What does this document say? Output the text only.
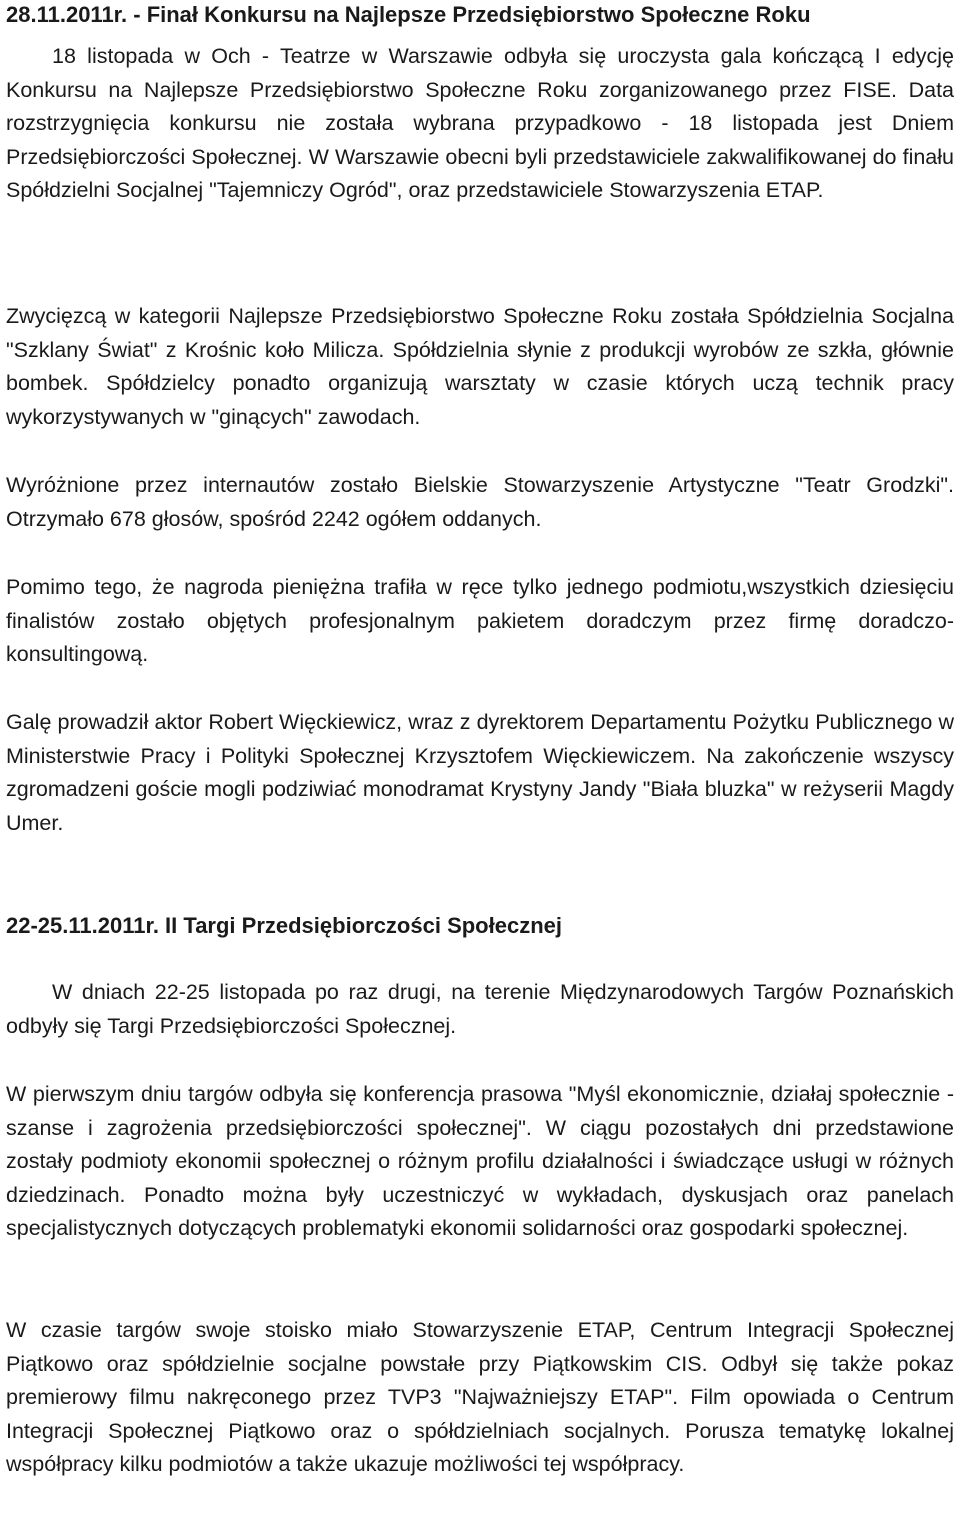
28.11.2011r. - Finał Konkursu na Najlepsze Przedsiębiorstwo Społeczne Roku

18 listopada w Och - Teatrze w Warszawie odbyła się uroczysta gala kończącą I edycję Konkursu na Najlepsze Przedsiębiorstwo Społeczne Roku zorganizowanego przez FISE. Data rozstrzygnięcia konkursu nie została wybrana przypadkowo - 18 listopada jest Dniem Przedsiębiorczości Społecznej. W Warszawie obecni byli przedstawiciele zakwalifikowanej do finału Spółdzielni Socjalnej "Tajemniczy Ogród", oraz przedstawiciele Stowarzyszenia ETAP.

Zwycięzcą w kategorii Najlepsze Przedsiębiorstwo Społeczne Roku została Spółdzielnia Socjalna "Szklany Świat" z Krośnic koło Milicza. Spółdzielnia słynie z produkcji wyrobów ze szkła, głównie bombek. Spółdzielcy ponadto organizują warsztaty w czasie których uczą technik pracy wykorzystywanych w "ginących" zawodach.

Wyróżnione przez internautów zostało Bielskie Stowarzyszenie Artystyczne "Teatr Grodzki". Otrzymało 678 głosów, spośród 2242 ogółem oddanych.

Pomimo tego, że nagroda pieniężna trafiła w ręce tylko jednego podmiotu,wszystkich dziesięciu finalistów zostało objętych profesjonalnym pakietem doradczym przez firmę doradczo-konsultingową.

Galę prowadził aktor Robert Więckiewicz, wraz z dyrektorem Departamentu Pożytku Publicznego w Ministerstwie Pracy i Polityki Społecznej Krzysztofem Więckiewiczem. Na zakończenie wszyscy zgromadzeni goście mogli podziwiać monodramat Krystyny Jandy "Biała bluzka" w reżyserii Magdy Umer.

22-25.11.2011r. II Targi Przedsiębiorczości Społecznej

W dniach 22-25 listopada po raz drugi, na terenie Międzynarodowych Targów Poznańskich odbyły się Targi Przedsiębiorczości Społecznej.

W pierwszym dniu targów odbyła się konferencja prasowa "Myśl ekonomicznie, działaj społecznie - szanse i zagrożenia przedsiębiorczości społecznej". W ciągu pozostałych dni przedstawione zostały podmioty ekonomii społecznej o różnym profilu działalności i świadczące usługi w różnych dziedzinach. Ponadto można były uczestniczyć w wykładach, dyskusjach oraz panelach specjalistycznych dotyczących problematyki ekonomii solidarności oraz gospodarki społecznej.

W czasie targów swoje stoisko miało Stowarzyszenie ETAP, Centrum Integracji Społecznej Piątkowo oraz spółdzielnie socjalne powstałe przy Piątkowskim CIS. Odbył się także pokaz premierowy filmu nakręconego przez TVP3 "Najważniejszy ETAP". Film opowiada o Centrum Integracji Społecznej Piątkowo oraz o spółdzielniach socjalnych. Porusza tematykę lokalnej współpracy kilku podmiotów a także ukazuje możliwości tej współpracy.
